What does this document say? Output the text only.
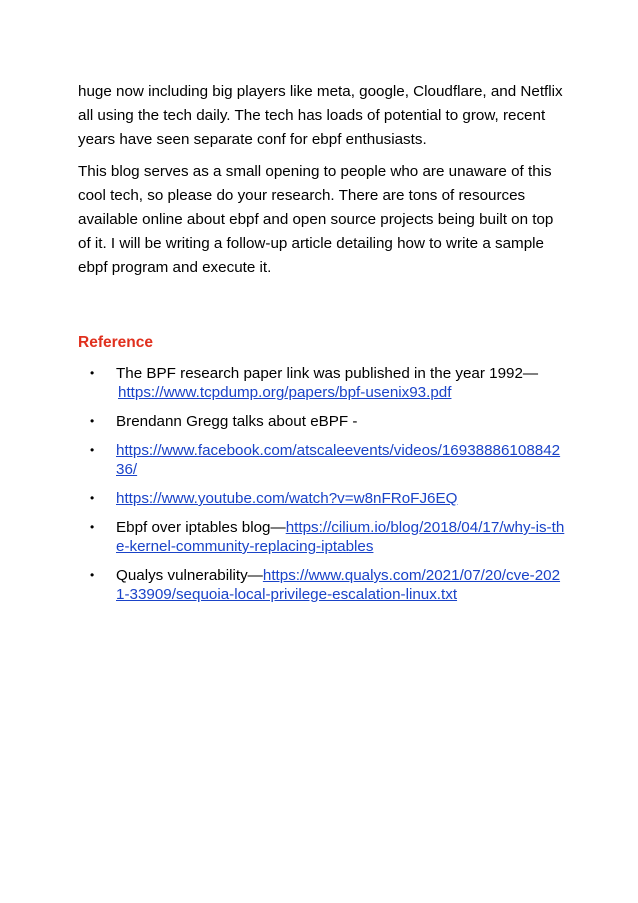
huge now including big players like meta, google, Cloudflare, and Netflix all using the tech daily. The tech has loads of potential to grow, recent years have seen separate conf for ebpf enthusiasts.

This blog serves as a small opening to people who are unaware of this cool tech, so please do your research. There are tons of resources available online about ebpf and open source projects being built on top of it. I will be writing a follow-up article detailing how to write a sample ebpf program and execute it.

Reference
• The BPF research paper link was published in the year 1992—
https://www.tcpdump.org/papers/bpf-usenix93.pdf
• Brendann Gregg talks about eBPF -
• https://www.facebook.com/atscaleevents/videos/1693888610884236/
• https://www.youtube.com/watch?v=w8nFRoFJ6EQ
• Ebpf over iptables blog—https://cilium.io/blog/2018/04/17/why-is-the-kernel-community-replacing-iptables
• Qualys vulnerability—https://www.qualys.com/2021/07/20/cve-2021-33909/sequoia-local-privilege-escalation-linux.txt
